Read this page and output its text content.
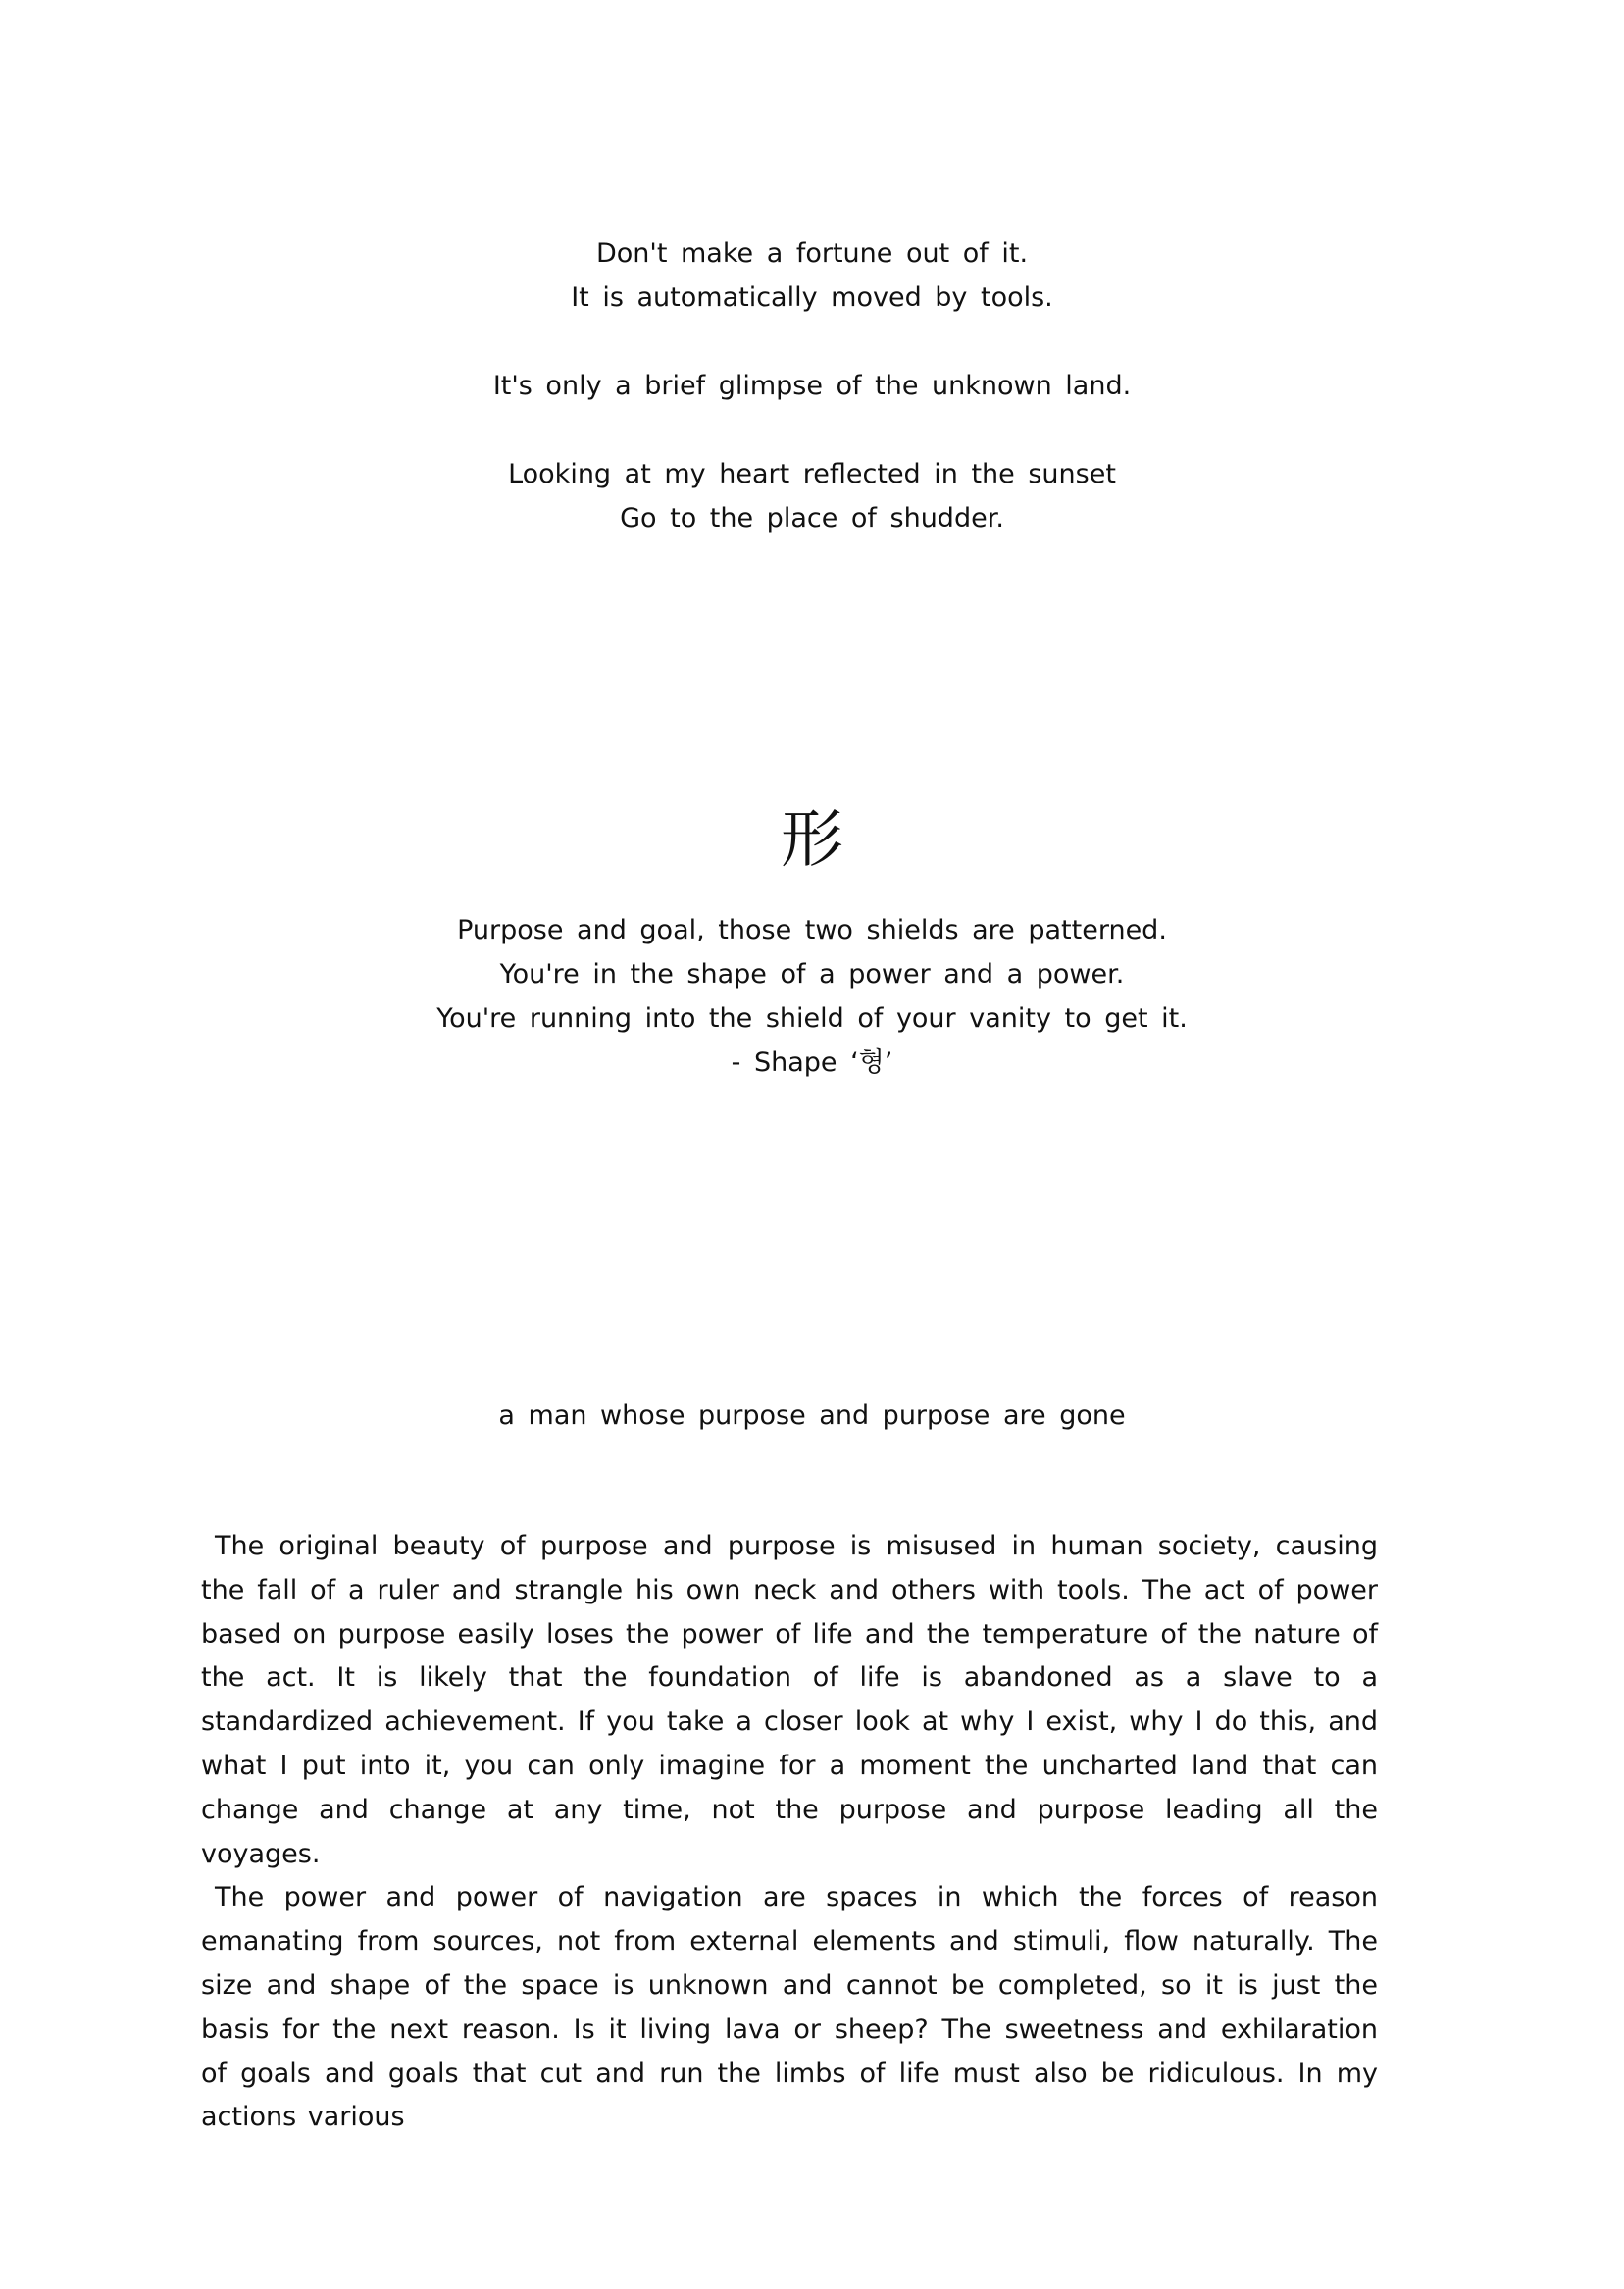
Don't make a fortune out of it.
It is automatically moved by tools.
It's only a brief glimpse of the unknown land.
Looking at my heart reflected in the sunset
Go to the place of shudder.
形
Purpose and goal, those two shields are patterned.
You're in the shape of a power and a power.
You're running into the shield of your vanity to get it.
- Shape ‘형’
a man whose purpose and purpose are gone

The original beauty of purpose and purpose is misused in human society, causing the fall of a ruler and strangle his own neck and others with tools. The act of power based on purpose easily loses the power of life and the temperature of the nature of the act. It is likely that the foundation of life is abandoned as a slave to a standardized achievement. If you take a closer look at why I exist, why I do this, and what I put into it, you can only imagine for a moment the uncharted land that can change and change at any time, not the purpose and purpose leading all the voyages.

The power and power of navigation are spaces in which the forces of reason emanating from sources, not from external elements and stimuli, flow naturally. The size and shape of the space is unknown and cannot be completed, so it is just the basis for the next reason. Is it living lava or sheep? The sweetness and exhilaration of goals and goals that cut and run the limbs of life must also be ridiculous. In my actions various
